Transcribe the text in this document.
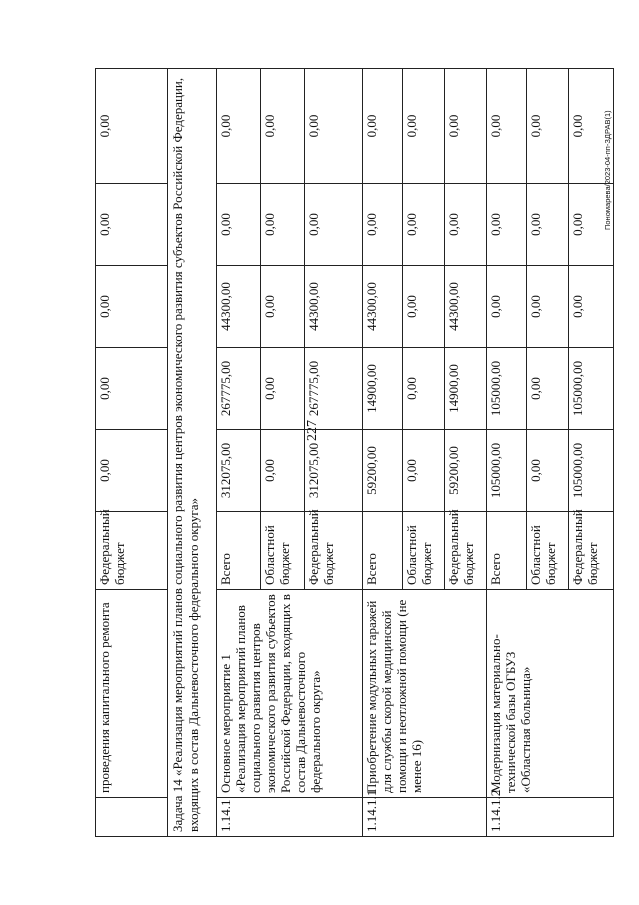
227
Пономарева/2023-04-пп-ЗДРАВ(1)
	проведения капитального ремонта	Федеральный бюджет	0,00	0,00	0,00	0,00	0,00
Задача 14 «Реализация мероприятий планов социального развития центров экономического развития субъектов Российской Федерации, входящих в состав Дальневосточного федерального округа»							
1.14.1	Основное мероприятие 1 «Реализация мероприятий планов социального развития центров экономического развития субъектов Российской Федерации, входящих в состав Дальневосточного федерального округа»	Всего	312075,00	267775,00	44300,00	0,00	0,00
		Областной бюджет	0,00	0,00	0,00	0,00	0,00
		Федеральный бюджет	312075,00	267775,00	44300,00	0,00	0,00
1.14.1.1	Приобретение модульных гаражей для службы скорой медицинской помощи и неотложной помощи (не менее 16)	Всего	59200,00	14900,00	44300,00	0,00	0,00
		Областной бюджет	0,00	0,00	0,00	0,00	0,00
		Федеральный бюджет	59200,00	14900,00	44300,00	0,00	0,00
1.14.1.2	Модернизация материально-технической базы ОГБУЗ «Областная больница»	Всего	105000,00	105000,00	0,00	0,00	0,00
		Областной бюджет	0,00	0,00	0,00	0,00	0,00
		Федеральный бюджет	105000,00	105000,00	0,00	0,00	0,00
